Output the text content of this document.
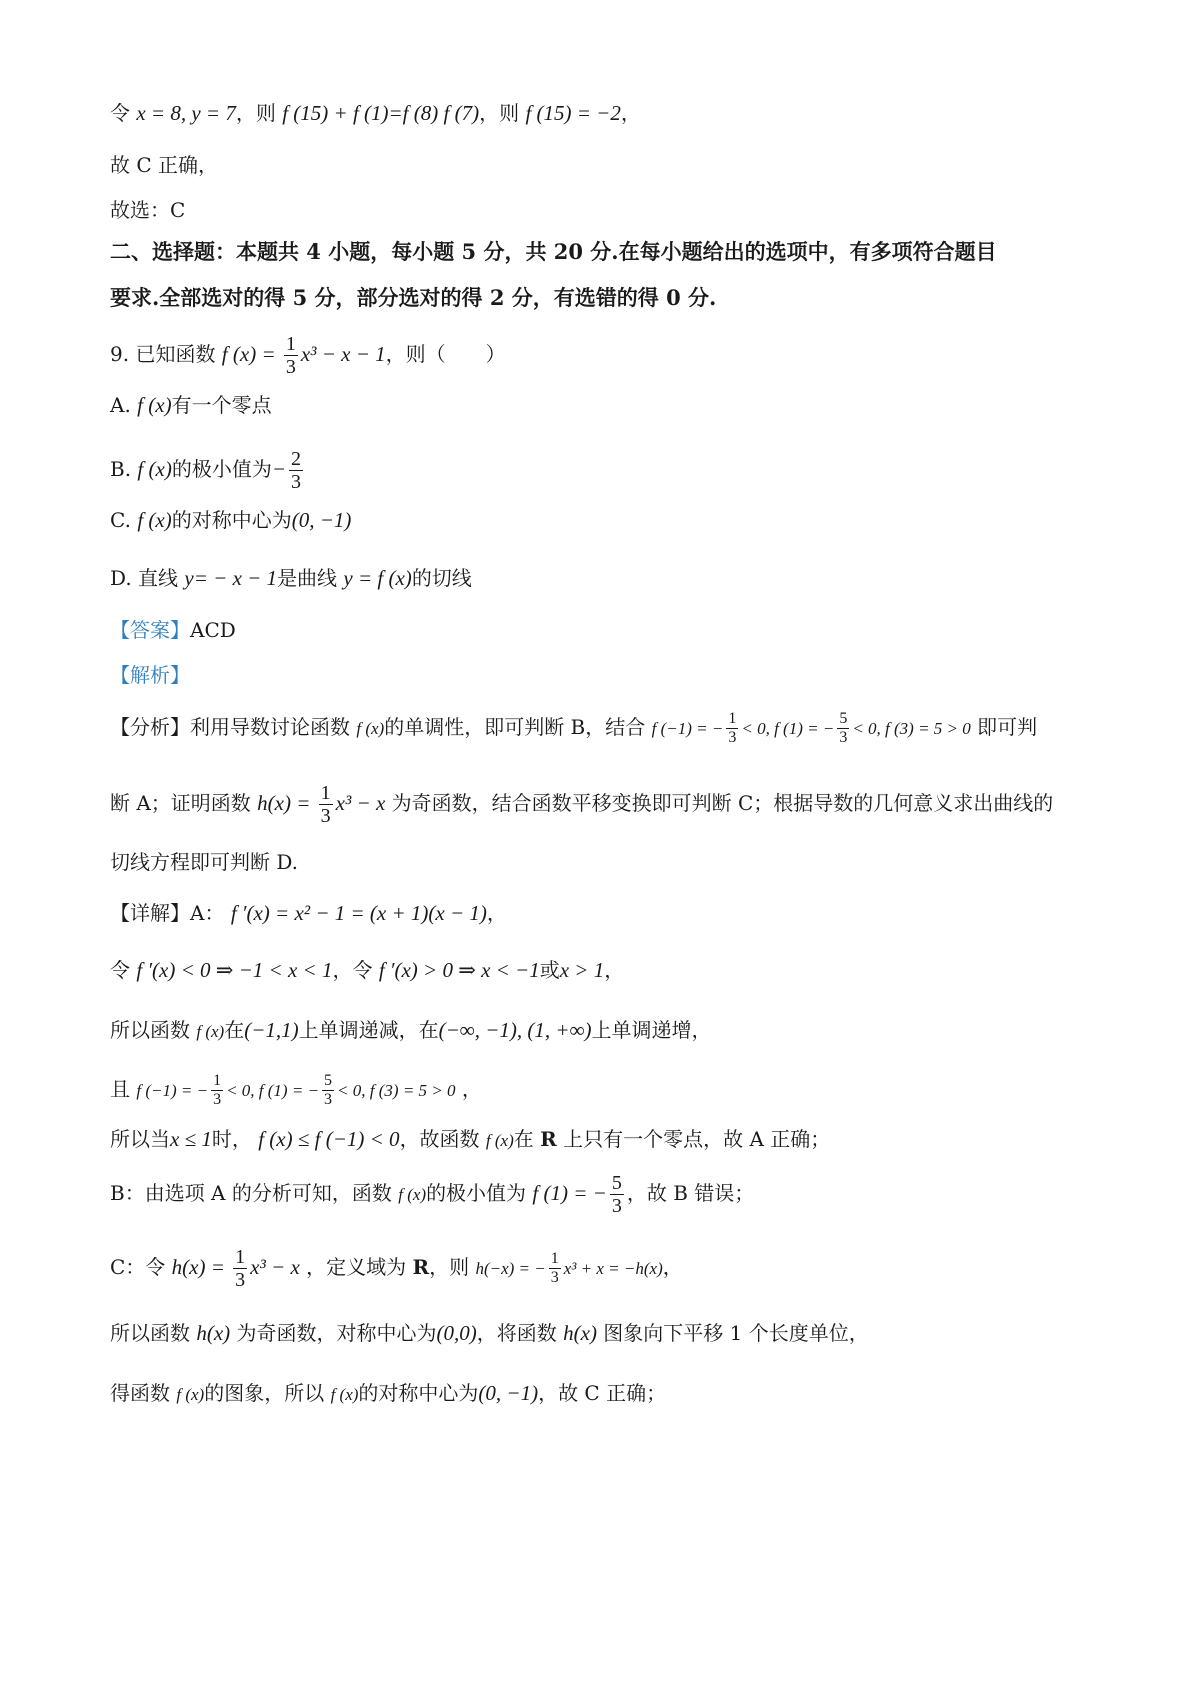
令 x = 8, y = 7，则 f (15) + f (1)=f (8) f (7)，则 f (15) = −2，
故 C 正确，
故选：C
二、选择题：本题共 4 小题，每小题 5 分，共 20 分.在每小题给出的选项中，有多项符合题目
要求.全部选对的得 5 分，部分选对的得 2 分，有选错的得 0 分.
9. 已知函数 f $(x) = \frac{1}{3} x^3 - x - 1$，则（　　）
A. f (x)有一个零点
B. f (x)的极小值为− $\frac{2}{3}$
C. f (x)的对称中心为(0, −1)
D. 直线 y= − x − 1是曲线 y = f (x)的切线
【答案】ACD
【解析】
【分析】利用导数讨论函数 f (x)的单调性，即可判断 B，结合 f (−1) = − $\frac{1}{3} < 0$, f (1) = − $\frac{5}{3} < 0$, f (3) = 5 > 0 即可判
断 A；证明函数 $h(x) = \frac{1}{3} x^3 - x$ 为奇函数，结合函数平移变换即可判断 C；根据导数的几何意义求出曲线的
切线方程即可判断 D.
【详解】A： f ′(x) = x² − 1 = (x + 1)(x − 1)，
令 f ′(x) < 0 ⇒ −1 < x < 1，令 f ′(x) > 0 ⇒ x < −1或x > 1，
所以函数 f (x)在(−1,1)上单调递减，在(−∞, −1), (1, +∞)上单调递增，
且 f (−1) = − $\frac{1}{3} < 0$, f (1) = − $\frac{5}{3} < 0$, f (3) = 5 > 0 ，
所以当x ≤ 1时， f (x) ≤ f (−1) < 0，故函数 f (x)在 R 上只有一个零点，故 A 正确；
B：由选项 A 的分析可知，函数 f (x)的极小值为 f (1) = − $\frac{5}{3}$ ，故 B 错误；
C：令 $h(x) = \frac{1}{3} x^3 - x$ ，定义域为 R，则 h(−x) = − $\frac{1}{3} x^3 + x = -h(x)$，
所以函数 h(x) 为奇函数，对称中心为(0,0)，将函数 h(x) 图象向下平移 1 个长度单位，
得函数 f (x)的图象，所以 f (x)的对称中心为(0, −1)，故 C 正确；
